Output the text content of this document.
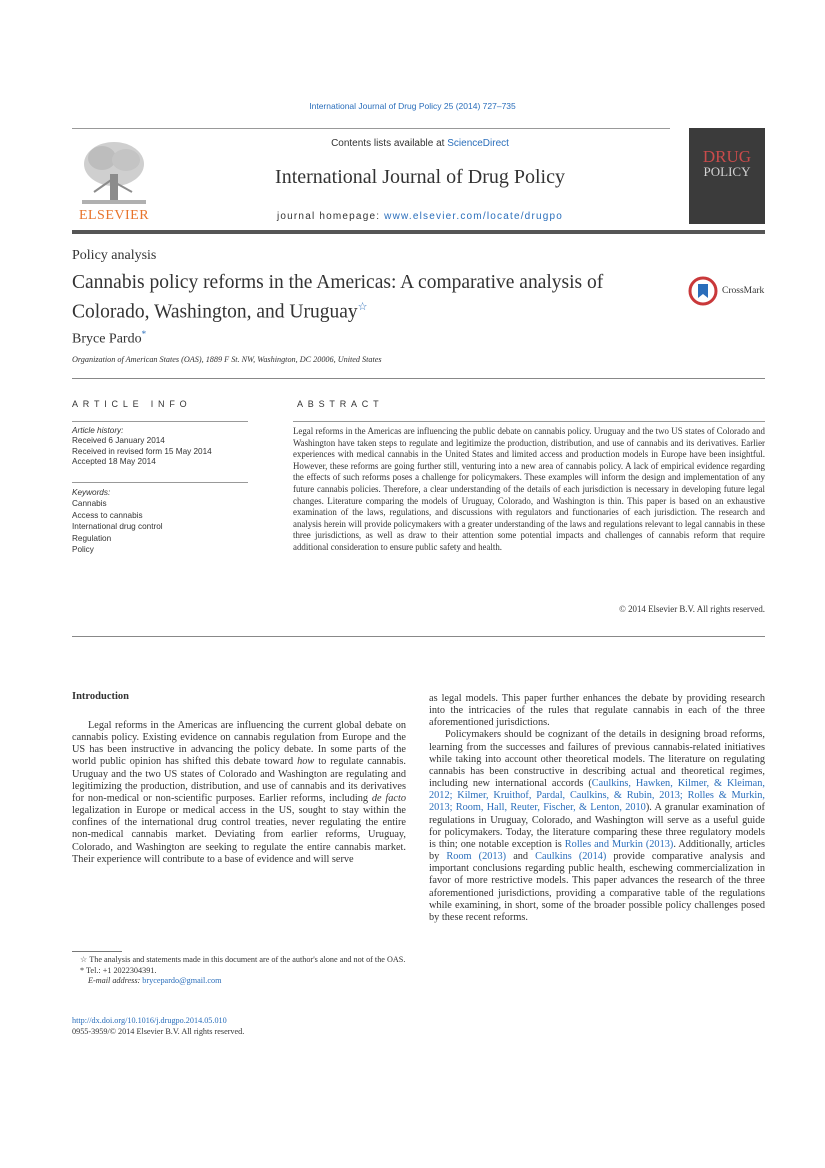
International Journal of Drug Policy 25 (2014) 727–735
ELSEVIER
Contents lists available at ScienceDirect
International Journal of Drug Policy
journal homepage: www.elsevier.com/locate/drugpo
DRUG
POLICY
Policy analysis
Cannabis policy reforms in the Americas: A comparative analysis of
Colorado, Washington, and Uruguay☆
CrossMark
Bryce Pardo*
Organization of American States (OAS), 1889 F St. NW, Washington, DC 20006, United States
ARTICLE INFO
Article history:
Received 6 January 2014
Received in revised form 15 May 2014
Accepted 18 May 2014
Keywords:
Cannabis
Access to cannabis
International drug control
Regulation
Policy
ABSTRACT
Legal reforms in the Americas are influencing the public debate on cannabis policy. Uruguay and the two US states of Colorado and Washington have taken steps to regulate and legitimize the production, distribution, and use of cannabis and its derivatives. Earlier experiences with medical cannabis in the United States and limited access and production models in Europe have been insightful. However, these reforms are going further still, venturing into a new area of cannabis policy. A lack of empirical evidence regarding the effects of such reforms poses a challenge for policymakers. These examples will inform the design and implementation of any future cannabis policies. Therefore, a clear understanding of the details of each jurisdiction is necessary in developing future legal changes. Literature comparing the models of Uruguay, Colorado, and Washington is thin. This paper is based on an exhaustive examination of the laws, regulations, and discussions with regulators and functionaries of each jurisdiction. The research and analysis herein will provide policymakers with a greater understanding of the laws and regulations relevant to legal cannabis in these three jurisdictions, as well as draw to their attention some potential impacts and challenges of cannabis reform that require additional consideration to ensure public safety and health.
© 2014 Elsevier B.V. All rights reserved.
Introduction

Legal reforms in the Americas are influencing the current global debate on cannabis policy. Existing evidence on cannabis regulation from Europe and the US has been instructive in advancing the policy debate. In some parts of the world public opinion has shifted this debate toward how to regulate cannabis. Uruguay and the two US states of Colorado and Washington are regulating and legitimizing the production, distribution, and use of cannabis and its derivatives for non-medical or non-scientific purposes. Earlier reforms, including de facto legalization in Europe or medical access in the US, sought to stay within the confines of the international drug control treaties, never regulating the entire non-medical cannabis market. Deviating from earlier reforms, Uruguay, Colorado, and Washington are seeking to regulate the entire cannabis market. Their experience will contribute to a base of evidence and will serve

as legal models. This paper further enhances the debate by providing research into the intricacies of the rules that regulate cannabis in each of the three aforementioned jurisdictions.

Policymakers should be cognizant of the details in designing broad reforms, learning from the successes and failures of previous cannabis-related initiatives while taking into account other theoretical models. The literature on regulating cannabis has been constructive in describing actual and theoretical regimes, including new international accords (Caulkins, Hawken, Kilmer, & Kleiman, 2012; Kilmer, Kruithof, Pardal, Caulkins, & Rubin, 2013; Rolles & Murkin, 2013; Room, Hall, Reuter, Fischer, & Lenton, 2010). A granular examination of regulations in Uruguay, Colorado, and Washington will serve as a useful guide for policymakers. Today, the literature comparing these three regulatory models is thin; one notable exception is Rolles and Murkin (2013). Additionally, articles by Room (2013) and Caulkins (2014) provide comparative analysis and important conclusions regarding public health, eschewing commercialization in favor of more restrictive models. This paper advances the research of the three aforementioned jurisdictions, providing a comparative table of the regulations while examining, in short, some of the broader possible policy challenges posed by these recent reforms.

☆ The analysis and statements made in this document are of the author's alone and not of the OAS.

* Tel.: +1 2022304391.

E-mail address: brycepardo@gmail.com

http://dx.doi.org/10.1016/j.drugpo.2014.05.010
0955-3959/© 2014 Elsevier B.V. All rights reserved.
